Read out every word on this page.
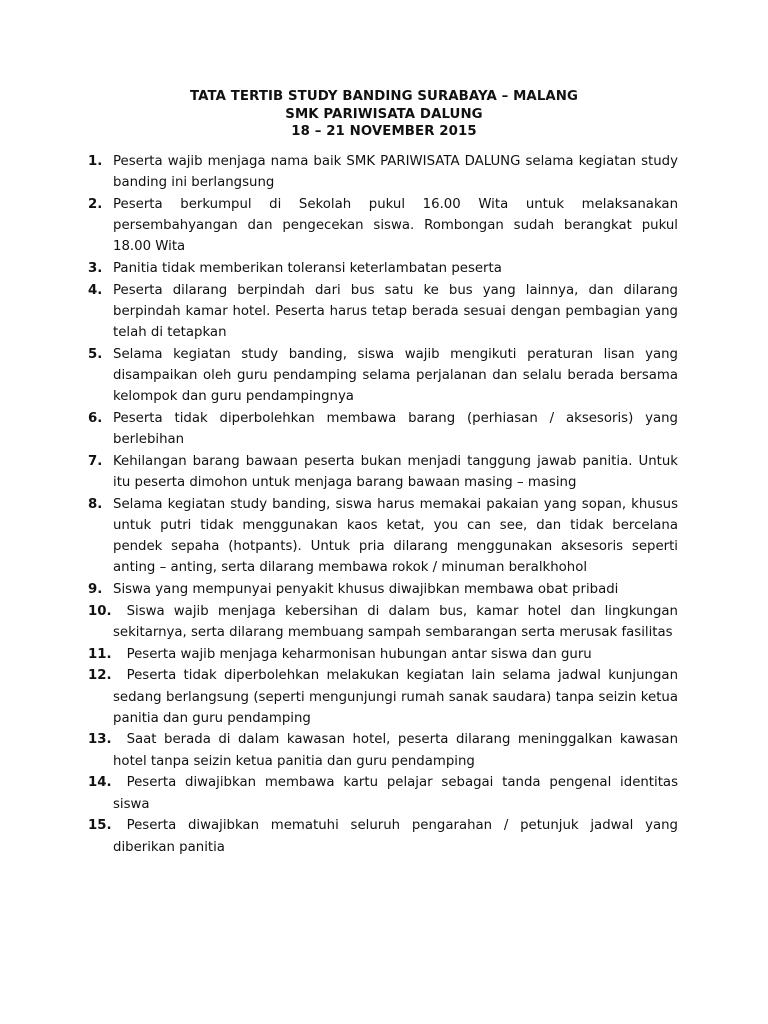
TATA TERTIB STUDY BANDING SURABAYA – MALANG
SMK PARIWISATA DALUNG
18 – 21 NOVEMBER 2015
1. Peserta wajib menjaga nama baik SMK PARIWISATA DALUNG selama kegiatan study banding ini berlangsung
2. Peserta berkumpul di Sekolah pukul 16.00 Wita untuk melaksanakan persembahyangan dan pengecekan siswa. Rombongan sudah berangkat pukul 18.00 Wita
3. Panitia tidak memberikan toleransi keterlambatan peserta
4. Peserta dilarang berpindah dari bus satu ke bus yang lainnya, dan dilarang berpindah kamar hotel. Peserta harus tetap berada sesuai dengan pembagian yang telah di tetapkan
5. Selama kegiatan study banding, siswa wajib mengikuti peraturan lisan yang disampaikan oleh guru pendamping selama perjalanan dan selalu berada bersama kelompok dan guru pendampingnya
6. Peserta tidak diperbolehkan membawa barang (perhiasan / aksesoris) yang berlebihan
7. Kehilangan barang bawaan peserta bukan menjadi tanggung jawab panitia. Untuk itu peserta dimohon untuk menjaga barang bawaan masing – masing
8. Selama kegiatan study banding, siswa harus memakai pakaian yang sopan, khusus untuk putri tidak menggunakan kaos ketat, you can see, dan tidak bercelana pendek sepaha (hotpants). Untuk pria dilarang menggunakan aksesoris seperti anting – anting, serta dilarang membawa rokok / minuman beralkhohol
9. Siswa yang mempunyai penyakit khusus diwajibkan membawa obat pribadi
10. Siswa wajib menjaga kebersihan di dalam bus, kamar hotel dan lingkungan sekitarnya, serta dilarang membuang sampah sembarangan serta merusak fasilitas
11. Peserta wajib menjaga keharmonisan hubungan antar siswa dan guru
12. Peserta tidak diperbolehkan melakukan kegiatan lain selama jadwal kunjungan sedang berlangsung (seperti mengunjungi rumah sanak saudara) tanpa seizin ketua panitia dan guru pendamping
13. Saat berada di dalam kawasan hotel, peserta dilarang meninggalkan kawasan hotel tanpa seizin ketua panitia dan guru pendamping
14. Peserta diwajibkan membawa kartu pelajar sebagai tanda pengenal identitas siswa
15. Peserta diwajibkan mematuhi seluruh pengarahan / petunjuk jadwal yang diberikan panitia
